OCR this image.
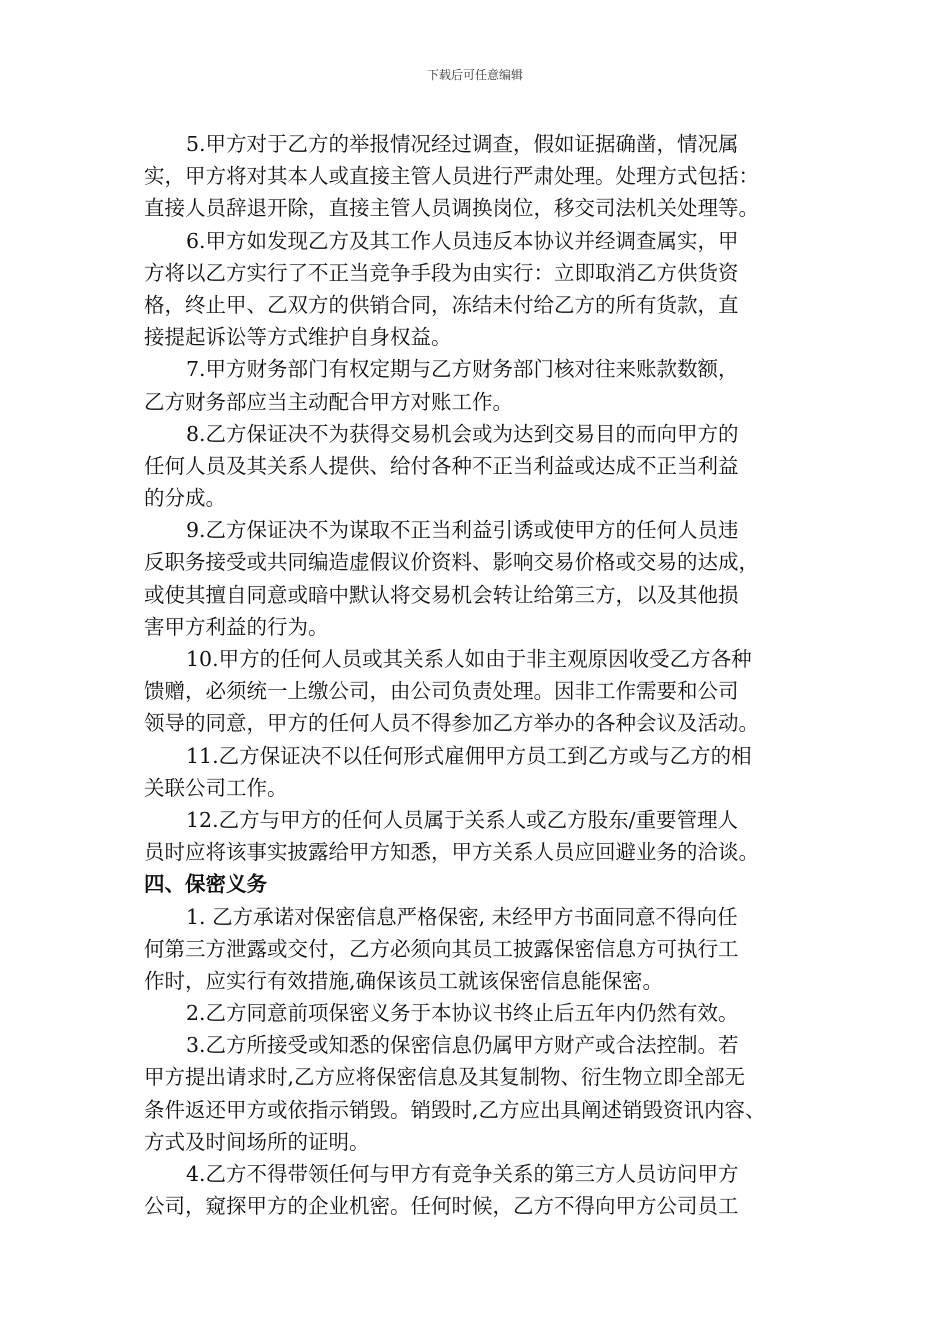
下载后可任意编辑
5.甲方对于乙方的举报情况经过调查，假如证据确凿，情况属
实，甲方将对其本人或直接主管人员进行严肃处理。处理方式包括：
直接人员辞退开除，直接主管人员调换岗位，移交司法机关处理等。
6.甲方如发现乙方及其工作人员违反本协议并经调查属实，甲
方将以乙方实行了不正当竞争手段为由实行：立即取消乙方供货资
格，终止甲、乙双方的供销合同，冻结未付给乙方的所有货款，直
接提起诉讼等方式维护自身权益。
7.甲方财务部门有权定期与乙方财务部门核对往来账款数额，
乙方财务部应当主动配合甲方对账工作。
8.乙方保证决不为获得交易机会或为达到交易目的而向甲方的
任何人员及其关系人提供、给付各种不正当利益或达成不正当利益
的分成。
9.乙方保证决不为谋取不正当利益引诱或使甲方的任何人员违
反职务接受或共同编造虚假议价资料、影响交易价格或交易的达成，
或使其擅自同意或暗中默认将交易机会转让给第三方，以及其他损
害甲方利益的行为。
10.甲方的任何人员或其关系人如由于非主观原因收受乙方各种
馈赠，必须统一上缴公司，由公司负责处理。因非工作需要和公司
领导的同意，甲方的任何人员不得参加乙方举办的各种会议及活动。
11.乙方保证决不以任何形式雇佣甲方员工到乙方或与乙方的相
关联公司工作。
12.乙方与甲方的任何人员属于关系人或乙方股东/重要管理人
员时应将该事实披露给甲方知悉，甲方关系人员应回避业务的洽谈。
四、保密义务
1. 乙方承诺对保密信息严格保密, 未经甲方书面同意不得向任
何第三方泄露或交付，乙方必须向其员工披露保密信息方可执行工
作时，应实行有效措施,确保该员工就该保密信息能保密。
2.乙方同意前项保密义务于本协议书终止后五年内仍然有效。
3.乙方所接受或知悉的保密信息仍属甲方财产或合法控制。若
甲方提出请求时,乙方应将保密信息及其复制物、衍生物立即全部无
条件返还甲方或依指示销毁。销毁时,乙方应出具阐述销毁资讯内容、
方式及时间场所的证明。
4.乙方不得带领任何与甲方有竞争关系的第三方人员访问甲方
公司，窥探甲方的企业机密。任何时候，乙方不得向甲方公司员工
